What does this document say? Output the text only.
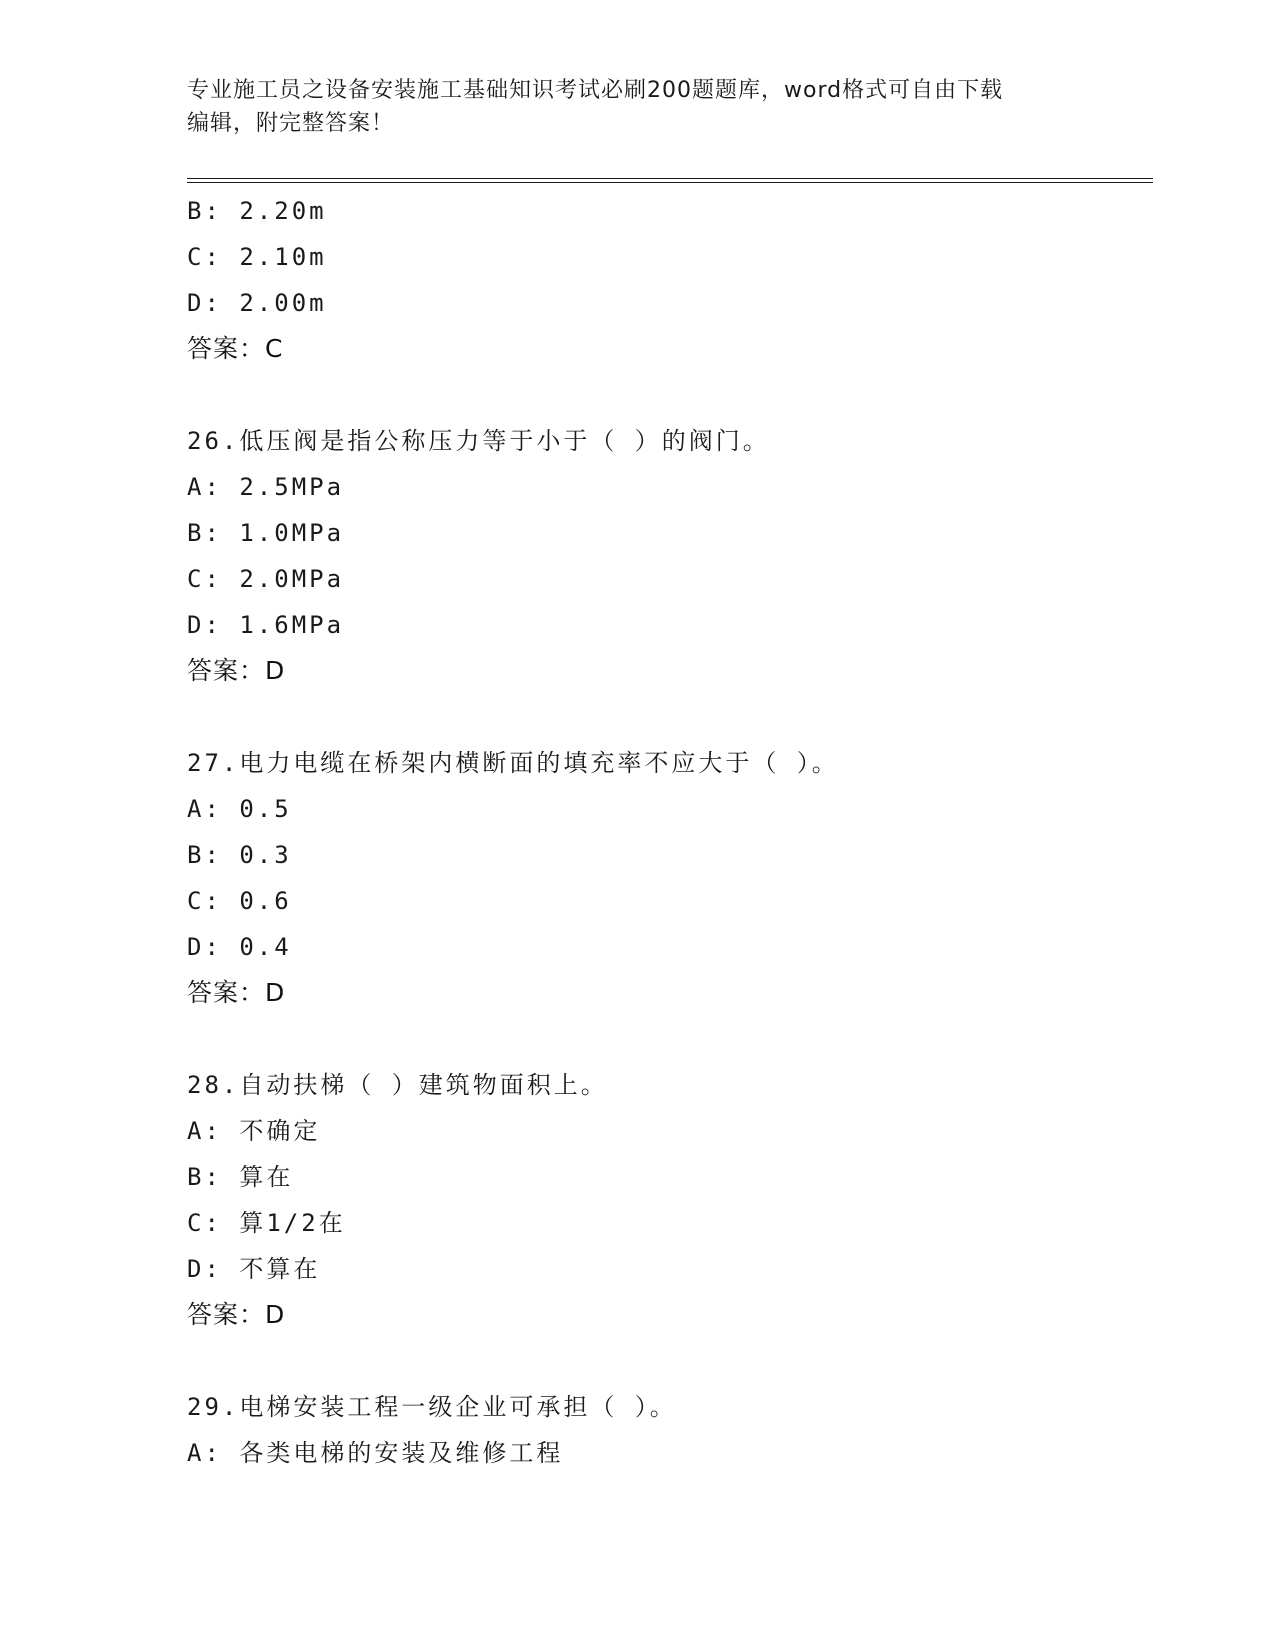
专业施工员之设备安装施工基础知识考试必刷200题题库，word格式可自由下载
编辑，附完整答案！
B: 2.20m
C: 2.10m
D: 2.00m
答案：C
26.低压阀是指公称压力等于小于（ ）的阀门。
A: 2.5MPa
B: 1.0MPa
C: 2.0MPa
D: 1.6MPa
答案：D
27.电力电缆在桥架内横断面的填充率不应大于（ ）。
A: 0.5
B: 0.3
C: 0.6
D: 0.4
答案：D
28.自动扶梯（ ）建筑物面积上。
A: 不确定
B: 算在
C: 算1/2在
D: 不算在
答案：D
29.电梯安装工程一级企业可承担（ ）。
A: 各类电梯的安装及维修工程
